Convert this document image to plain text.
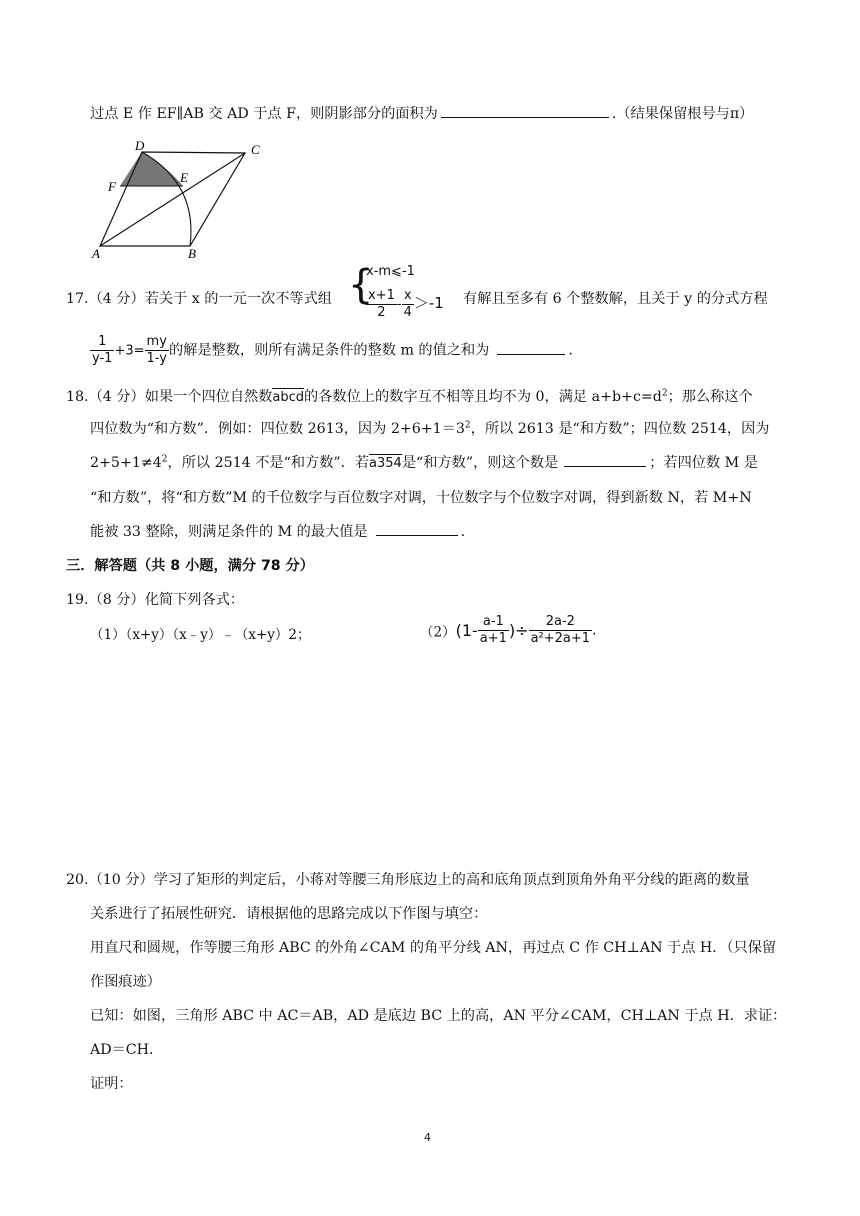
过点 E 作 EF∥AB 交 AD 于点 F，则阴影部分的面积为	.（结果保留根号与π）
D	C
F
E
A	B
17.（4 分）若关于 x 的一元一次不等式组 {
x-m⩽-1
$\frac{x+1}{2} - \frac{x}{4} >-1$ 有解且至多有 6 个整数解，且关于 y 的分式方程
$\frac{1}{y-1} +3= \frac{my}{1-y}$ 的解是整数，则所有满足条件的整数 m 的值之和为	.
18.（4 分）如果一个四位自然数abcd的各数位上的数字互不相等且均不为 0，满足 $a+b+c=d^2$；那么称这个
四位数为“和方数”．例如：四位数 2613，因为 $2+6+1=3^2$，所以 2613 是“和方数”；四位数 2514，因为
$2+5+1\ne 4^2$，所以 2514 不是“和方数”．若a354是“和方数”，则这个数是	；若四位数 M 是
“和方数”，将“和方数”M 的千位数字与百位数字对调，十位数字与个位数字对调，得到新数 N，若 M+N
能被 33 整除，则满足条件的 M 的最大值是	.
三．解答题（共 8 小题，满分 78 分）
19.（8 分）化简下列各式：
（1）（x+y）（x﹣y）﹣（x+y）2；	$(2)(1- \frac{a-1}{a+1}$ )÷ $\frac{2a-2}{\text{a²+2a+1}}$ .
20.（10 分）学习了矩形的判定后，小蒋对等腰三角形底边上的高和底角顶点到顶角外角平分线的距离的数量
关系进行了拓展性研究．请根据他的思路完成以下作图与填空：
用直尺和圆规，作等腰三角形 ABC 的外角∠CAM 的角平分线 AN，再过点 C 作 CH⊥AN 于点 H．（只保留
作图痕迹）
已知：如图，三角形 ABC 中 AC＝AB，AD 是底边 BC 上的高，AN 平分∠CAM，CH⊥AN 于点 H．求证：
AD＝CH．
证明：
4
